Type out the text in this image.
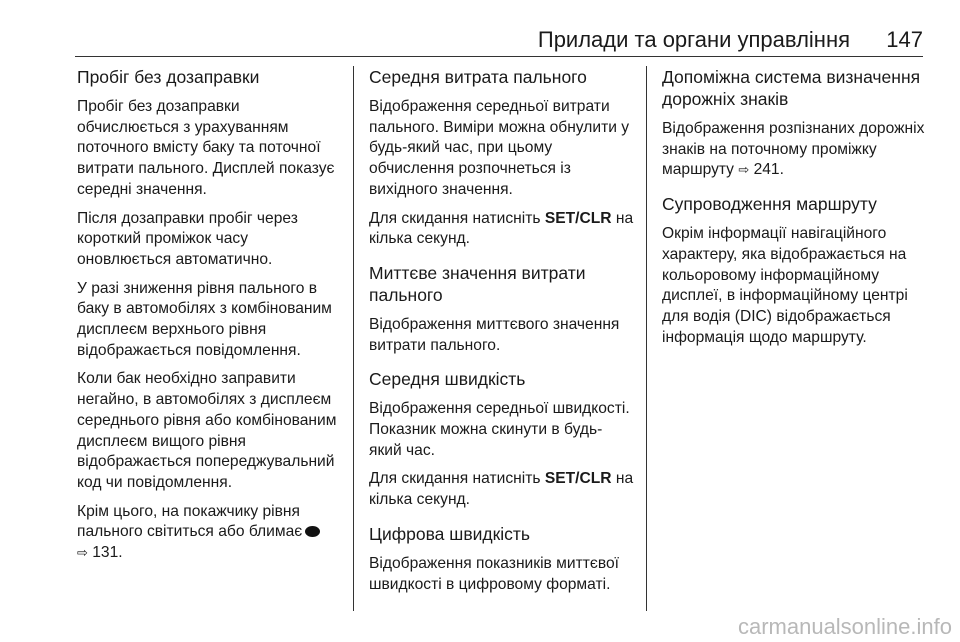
Прилади та органи управління 147
Пробіг без дозаправки

Пробіг без дозаправки обчислюється з урахуванням поточного вмісту баку та поточної витрати пального. Дисплей показує середні значення.

Після дозаправки пробіг через короткий проміжок часу оновлюється автоматично.

У разі зниження рівня пального в баку в автомобілях з комбінованим дисплеєм верхнього рівня відображається повідомлення.

Коли бак необхідно заправити негайно, в автомобілях з дисплеєм середнього рівня або комбінованим дисплеєм вищого рівня відображається попереджувальний код чи повідомлення.

Крім цього, на покажчику рівня пального світиться або блимає
⇨ 131.

Середня витрата пального

Відображення середньої витрати пального. Виміри можна обнулити у будь-який час, при цьому обчислення розпочнеться із вихідного значення.

Для скидання натисніть SET/CLR на кілька секунд.

Миттєве значення витрати пального

Відображення миттєвого значення витрати пального.

Середня швидкість

Відображення середньої швидкості. Показник можна скинути в будь-який час.

Для скидання натисніть SET/CLR на кілька секунд.

Цифрова швидкість

Відображення показників миттєвої швидкості в цифровому форматі.

Допоміжна система визначення дорожніх знаків

Відображення розпізнаних дорожніх знаків на поточному проміжку маршруту ⇨ 241.

Супроводження маршруту

Окрім інформації навігаційного характеру, яка відображається на кольоровому інформаційному дисплеї, в інформаційному центрі для водія (DIC) відображається інформація щодо маршруту.

carmanualsonline.info
